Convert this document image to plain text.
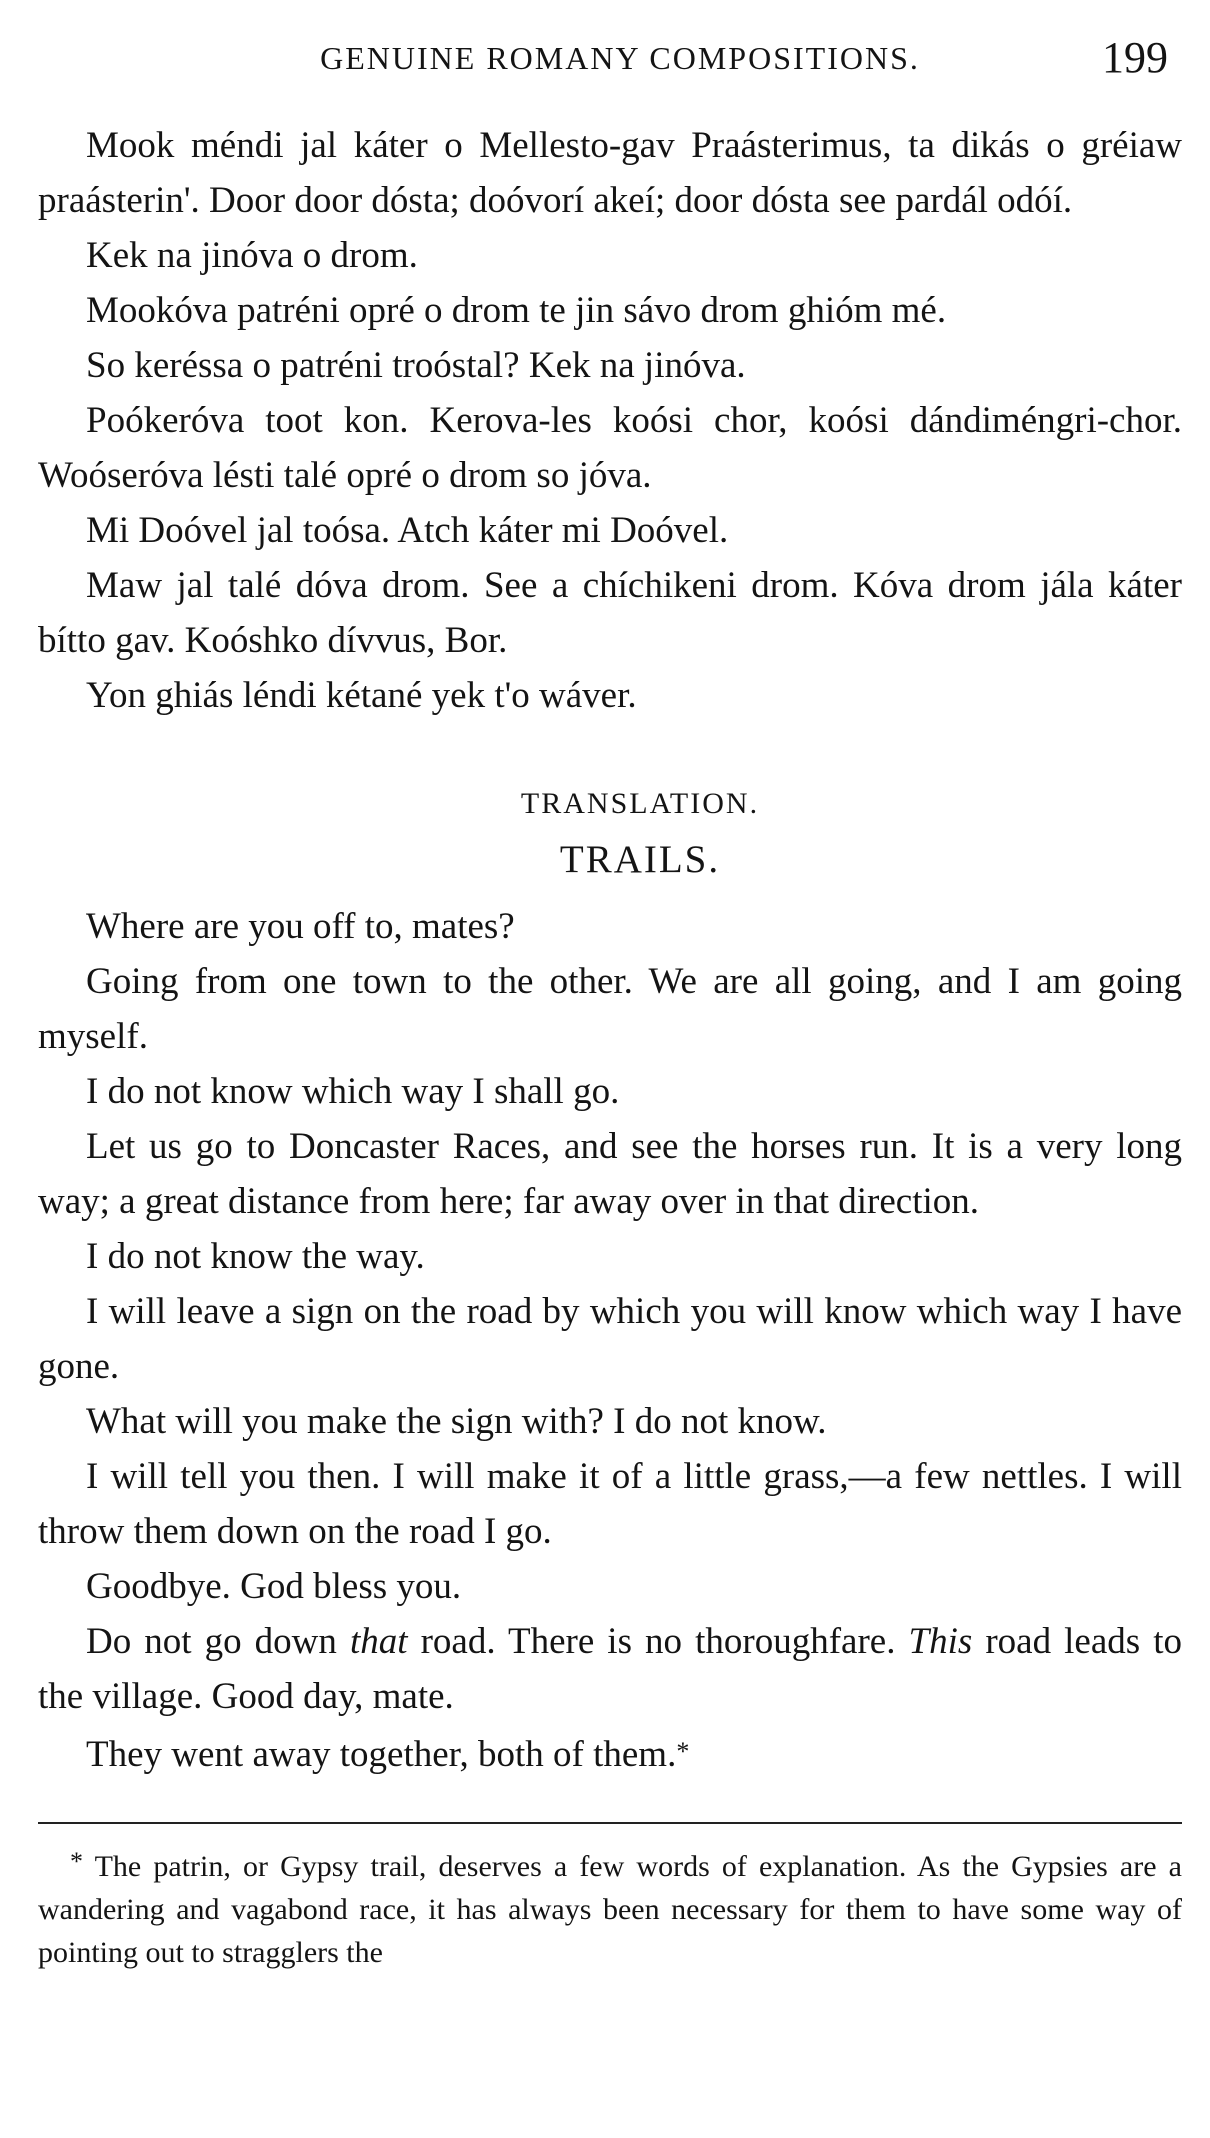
GENUINE ROMANY COMPOSITIONS.	199

Mook méndi jal káter o Mellesto-gav Praásterimus, ta dikás o gréiaw praásterin'. Door door dósta; doóvorí akeí; door dósta see pardál odóí.

Kek na jinóva o drom.

Mookóva patréni opré o drom te jin sávo drom ghióm mé.

So keréssa o patréni troóstal? Kek na jinóva.

Poókeróva toot kon. Kerova-les koósi chor, koósi dándiméngri-chor. Woóseróva lésti talé opré o drom so jóva.

Mi Doóvel jal toósa. Atch káter mi Doóvel.

Maw jal talé dóva drom. See a chíchikeni drom. Kóva drom jála káter bítto gav. Koóshko dívvus, Bor.

Yon ghiás léndi kétané yek t'o wáver.

TRANSLATION.
TRAILS.

Where are you off to, mates?

Going from one town to the other. We are all going, and I am going myself.

I do not know which way I shall go.

Let us go to Doncaster Races, and see the horses run. It is a very long way; a great distance from here; far away over in that direction.

I do not know the way.

I will leave a sign on the road by which you will know which way I have gone.

What will you make the sign with? I do not know.

I will tell you then. I will make it of a little grass,—a few nettles. I will throw them down on the road I go.

Goodbye. God bless you.

Do not go down that road. There is no thoroughfare. This road leads to the village. Good day, mate.

They went away together, both of them.*

* The patrin, or Gypsy trail, deserves a few words of explanation. As the Gypsies are a wandering and vagabond race, it has always been necessary for them to have some way of pointing out to stragglers the
